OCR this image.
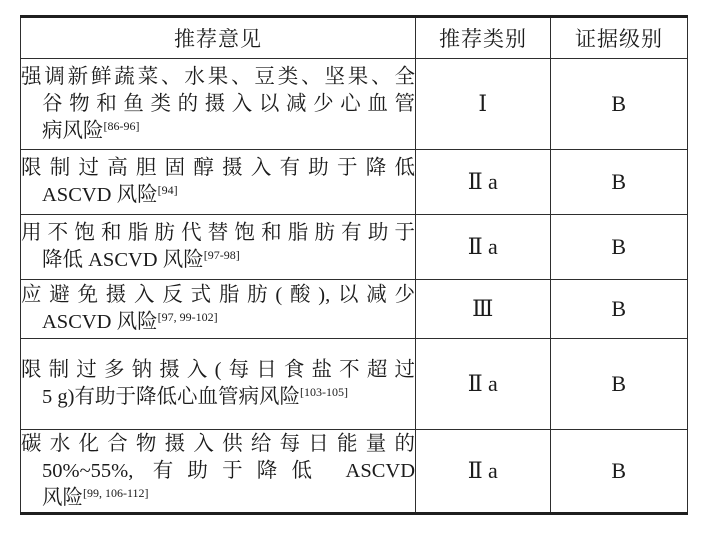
推荐意见	推荐类别	证据级别

强调新鲜蔬菜、水果、豆类、坚果、全
谷物和鱼类的摄入以减少心血管
病风险[86-96]	Ⅰ	B

限制过高胆固醇摄入有助于降低
ASCVD 风险[94]	Ⅱ a	B

用不饱和脂肪代替饱和脂肪有助于
降低 ASCVD 风险[97-98]	Ⅱ a	B

应避免摄入反式脂肪(酸),以减少
ASCVD 风险[97, 99-102]	Ⅲ	B

限制过多钠摄入(每日食盐不超过
5 g)有助于降低心血管病风险[103-105]	Ⅱ a	B

碳水化合物摄入供给每日能量的
50%~55%, 有助于降低 ASCVD
风险[99, 106-112]	Ⅱ a	B
